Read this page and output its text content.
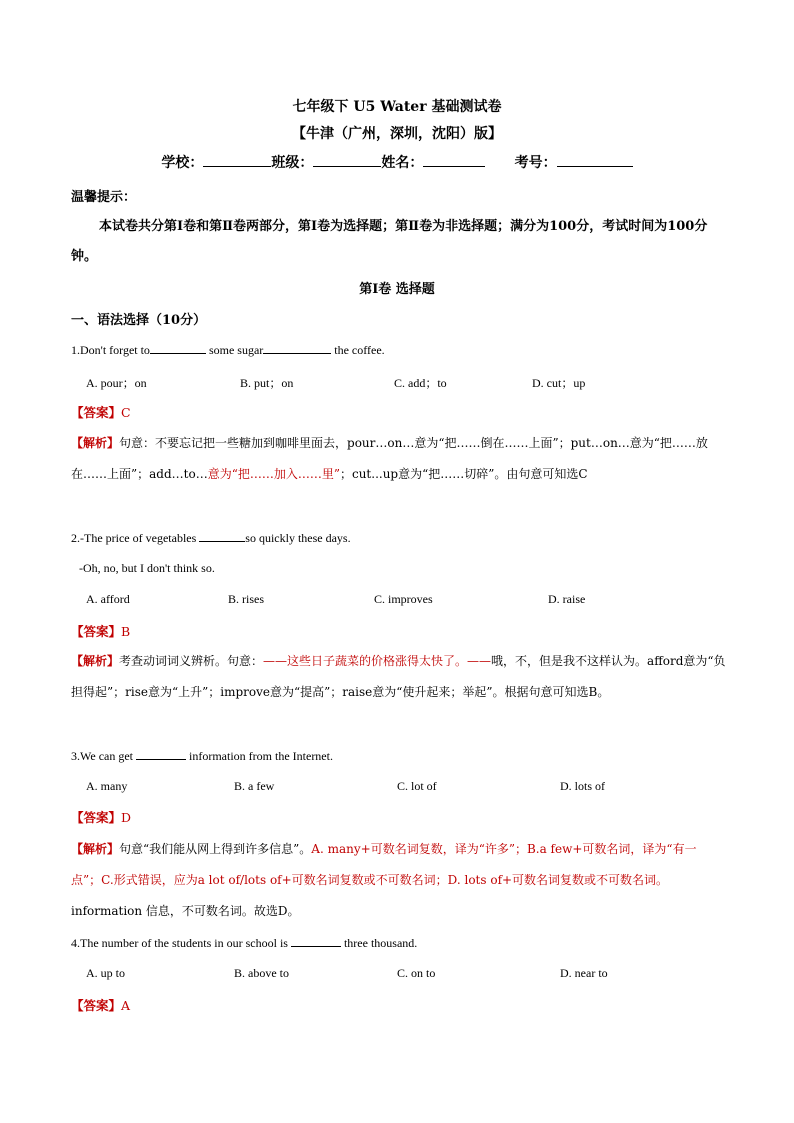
七年级下 U5 Water 基础测试卷
【牛津（广州，深圳，沈阳）版】
学校：	班级：	姓名：	考号：
温馨提示：
本试卷共分第Ⅰ卷和第Ⅱ卷两部分，第Ⅰ卷为选择题；第Ⅱ卷为非选择题；满分为100分，考试时间为100分钟。
第Ⅰ卷 选择题
一、语法选择（10分）
1.Don't forget to	some sugar	the coffee.
A. pour；on	B. put；on	C. add；to	D. cut；up
【答案】C
【解析】句意：不要忘记把一些糖加到咖啡里面去，pour…on…意为“把……倒在……上面”；put…on…意为“把……放在……上面”；add…to…意为“把……加入……里”；cut...up意为“把……切碎”。由句意可知选C
2.-The price of vegetables	so quickly these days.
-Oh, no, but I don't think so.
A. afford	B. rises	C. improves	D. raise
【答案】B
【解析】考查动词词义辨析。句意：——这些日子蔬菜的价格涨得太快了。——哦，不，但是我不这样认为。afford意为“负担得起”；rise意为“上升”；improve意为“提高”；raise意为“使升起来；举起”。根据句意可知选B。
3.We can get	information from the Internet.
A. many	B. a few	C. lot of	D. lots of
【答案】D
【解析】句意“我们能从网上得到许多信息”。A. many+可数名词复数，译为“许多”；B.a few+可数名词，译为“有一点”；C.形式错误，应为a lot of/lots of+可数名词复数或不可数名词；D. lots of+可数名词复数或不可数名词。information 信息，不可数名词。故选D。
4.The number of the students in our school is	three thousand.
A. up to	B. above to	C. on to	D. near to
【答案】A
